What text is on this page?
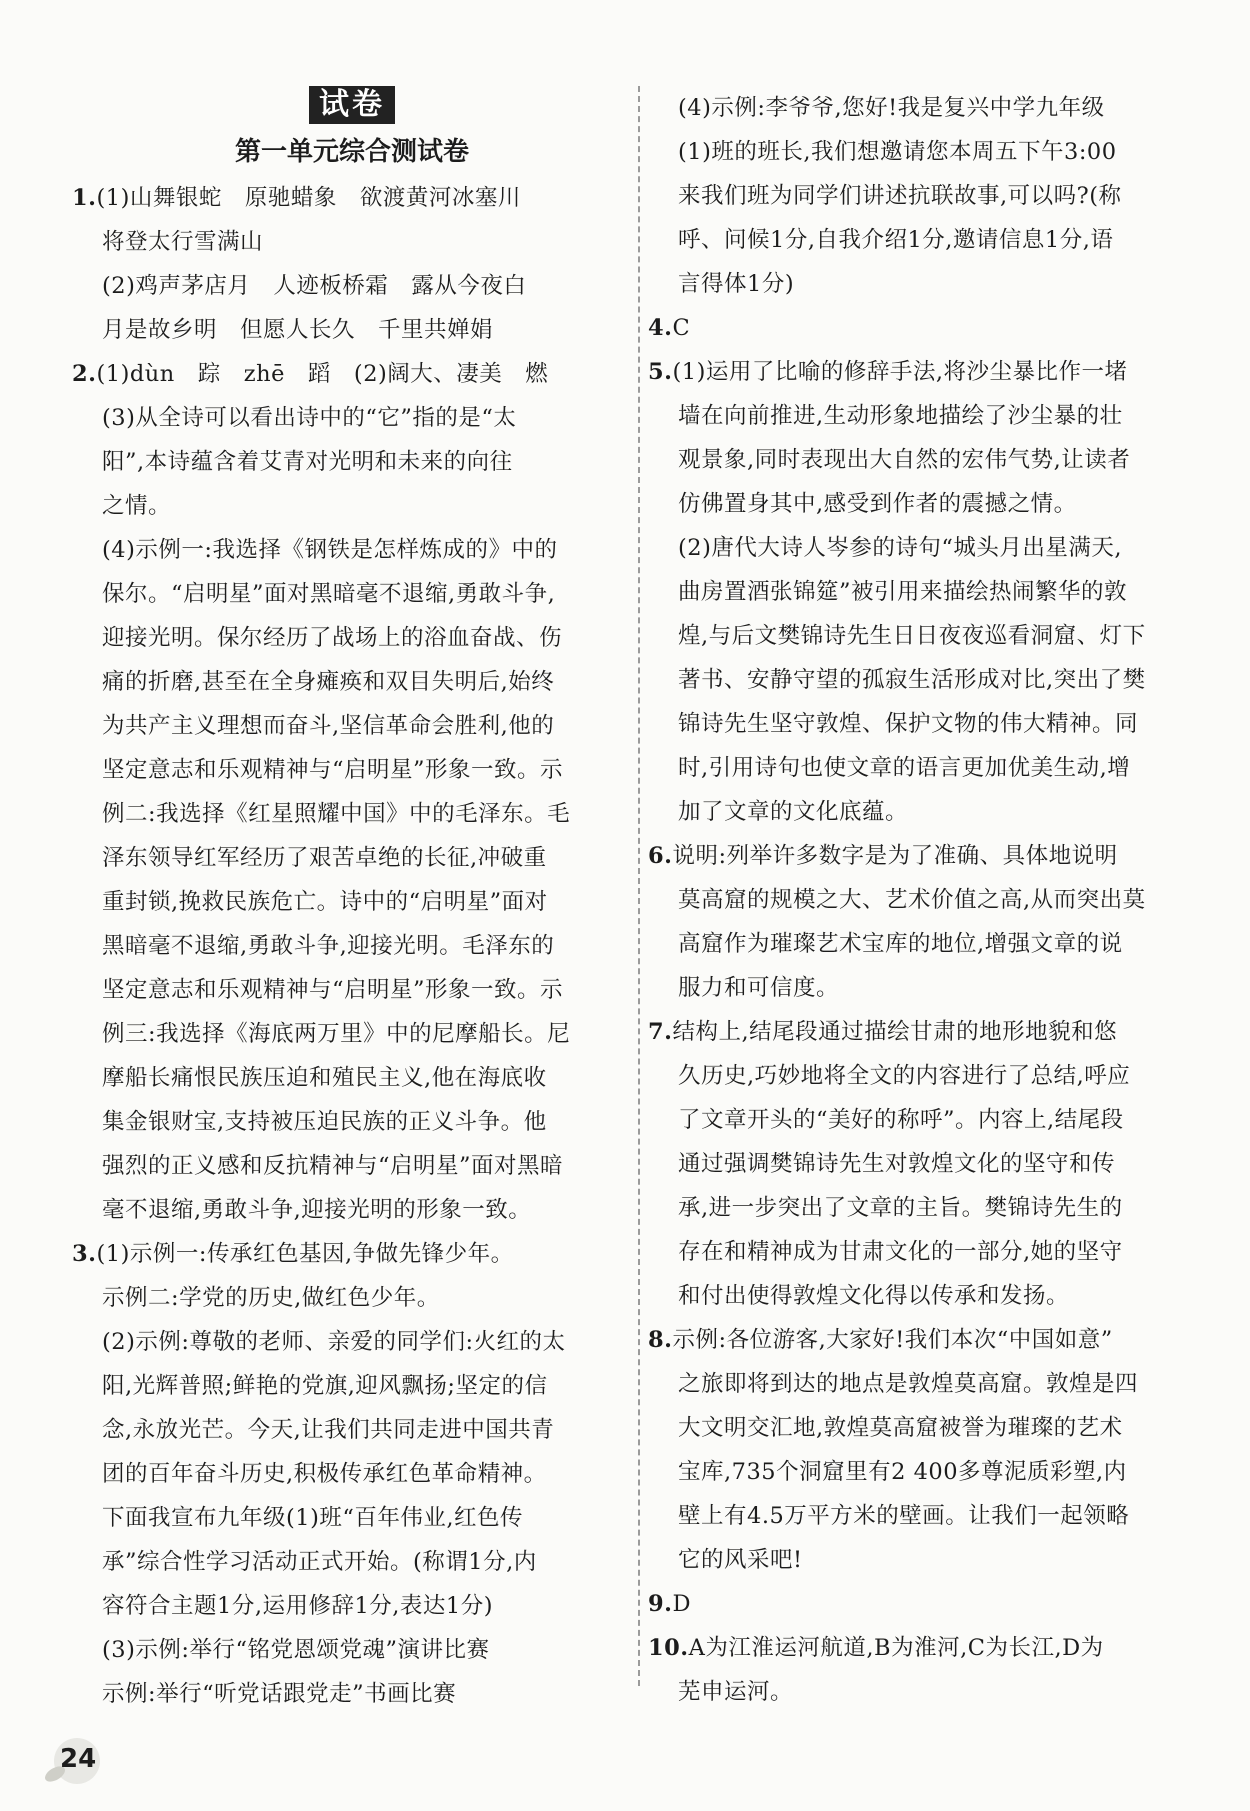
试卷
第一单元综合测试卷
1.(1)山舞银蛇　原驰蜡象　欲渡黄河冰塞川
将登太行雪满山
(2)鸡声茅店月　人迹板桥霜　露从今夜白
月是故乡明　但愿人长久　千里共婵娟
2.(1)dùn　踪　zhē　蹈　(2)阔大、凄美　燃
(3)从全诗可以看出诗中的“它”指的是“太
阳”,本诗蕴含着艾青对光明和未来的向往
之情。
(4)示例一:我选择《钢铁是怎样炼成的》中的
保尔。“启明星”面对黑暗毫不退缩,勇敢斗争,
迎接光明。保尔经历了战场上的浴血奋战、伤
痛的折磨,甚至在全身瘫痪和双目失明后,始终
为共产主义理想而奋斗,坚信革命会胜利,他的
坚定意志和乐观精神与“启明星”形象一致。示
例二:我选择《红星照耀中国》中的毛泽东。毛
泽东领导红军经历了艰苦卓绝的长征,冲破重
重封锁,挽救民族危亡。诗中的“启明星”面对
黑暗毫不退缩,勇敢斗争,迎接光明。毛泽东的
坚定意志和乐观精神与“启明星”形象一致。示
例三:我选择《海底两万里》中的尼摩船长。尼
摩船长痛恨民族压迫和殖民主义,他在海底收
集金银财宝,支持被压迫民族的正义斗争。他
强烈的正义感和反抗精神与“启明星”面对黑暗
毫不退缩,勇敢斗争,迎接光明的形象一致。
3.(1)示例一:传承红色基因,争做先锋少年。
示例二:学党的历史,做红色少年。
(2)示例:尊敬的老师、亲爱的同学们:火红的太
阳,光辉普照;鲜艳的党旗,迎风飘扬;坚定的信
念,永放光芒。今天,让我们共同走进中国共青
团的百年奋斗历史,积极传承红色革命精神。
下面我宣布九年级(1)班“百年伟业,红色传
承”综合性学习活动正式开始。(称谓1分,内
容符合主题1分,运用修辞1分,表达1分)
(3)示例:举行“铭党恩颂党魂”演讲比赛
示例:举行“听党话跟党走”书画比赛
(4)示例:李爷爷,您好!我是复兴中学九年级
(1)班的班长,我们想邀请您本周五下午3:00
来我们班为同学们讲述抗联故事,可以吗?(称
呼、问候1分,自我介绍1分,邀请信息1分,语
言得体1分)
4.C
5.(1)运用了比喻的修辞手法,将沙尘暴比作一堵
墙在向前推进,生动形象地描绘了沙尘暴的壮
观景象,同时表现出大自然的宏伟气势,让读者
仿佛置身其中,感受到作者的震撼之情。
(2)唐代大诗人岑参的诗句“城头月出星满天,
曲房置酒张锦筵”被引用来描绘热闹繁华的敦
煌,与后文樊锦诗先生日日夜夜巡看洞窟、灯下
著书、安静守望的孤寂生活形成对比,突出了樊
锦诗先生坚守敦煌、保护文物的伟大精神。同
时,引用诗句也使文章的语言更加优美生动,增
加了文章的文化底蕴。
6.说明:列举许多数字是为了准确、具体地说明
莫高窟的规模之大、艺术价值之高,从而突出莫
高窟作为璀璨艺术宝库的地位,增强文章的说
服力和可信度。
7.结构上,结尾段通过描绘甘肃的地形地貌和悠
久历史,巧妙地将全文的内容进行了总结,呼应
了文章开头的“美好的称呼”。内容上,结尾段
通过强调樊锦诗先生对敦煌文化的坚守和传
承,进一步突出了文章的主旨。樊锦诗先生的
存在和精神成为甘肃文化的一部分,她的坚守
和付出使得敦煌文化得以传承和发扬。
8.示例:各位游客,大家好!我们本次“中国如意”
之旅即将到达的地点是敦煌莫高窟。敦煌是四
大文明交汇地,敦煌莫高窟被誉为璀璨的艺术
宝库,735个洞窟里有2 400多尊泥质彩塑,内
壁上有4.5万平方米的壁画。让我们一起领略
它的风采吧!
9.D
10.A为江淮运河航道,B为淮河,C为长江,D为
芜申运河。
24
